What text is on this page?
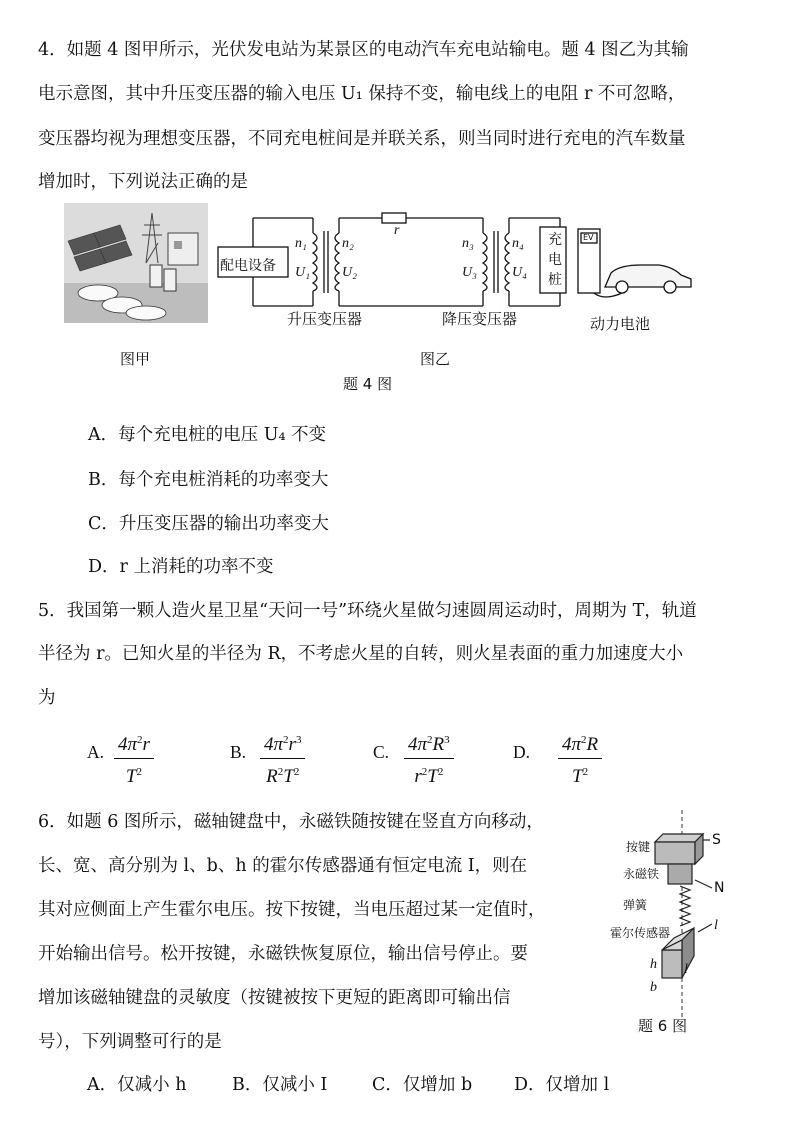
4．如题 4 图甲所示，光伏发电站为某景区的电动汽车充电站输电。题 4 图乙为其输
电示意图，其中升压变压器的输入电压 U₁ 保持不变，输电线上的电阻 r 不可忽略，
变压器均视为理想变压器，不同充电桩间是并联关系，则当同时进行充电的汽车数量
增加时，下列说法正确的是
配电设备
r
n₁
U₁
n₂
U₂
n₃
U₃
n₄
U₄
充电桩
EV
升压变压器	降压变压器	动力电池
图甲	图乙
题 4 图
A．每个充电桩的电压 U₄ 不变
B．每个充电桩消耗的功率变大
C．升压变压器的输出功率变大
D．r 上消耗的功率不变
5．我国第一颗人造火星卫星“天问一号”环绕火星做匀速圆周运动时，周期为 T，轨道
半径为 r。已知火星的半径为 R，不考虑火星的自转，则火星表面的重力加速度大小
为
A. $\frac{4\pi^2r}{T^2}$	B. $\frac{4\pi^2r^3}{R^2T^2}$	C. $\frac{4\pi^2R^3}{r^2T^2}$	D. $\frac{4\pi^2R}{T^2}$
6．如题 6 图所示，磁轴键盘中，永磁铁随按键在竖直方向移动，
长、宽、高分别为 l、b、h 的霍尔传感器通有恒定电流 I，则在
其对应侧面上产生霍尔电压。按下按键，当电压超过某一定值时，
开始输出信号。松开按键，永磁铁恢复原位，输出信号停止。要
增加该磁轴键盘的灵敏度（按键被按下更短的距离即可输出信
号），下列调整可行的是
按键
永磁铁
弹簧
霍尔传感器
S
N
l
h
b
l
题 6 图
A．仅减小 h	B．仅减小 I	C．仅增加 b D．仅增加 l
